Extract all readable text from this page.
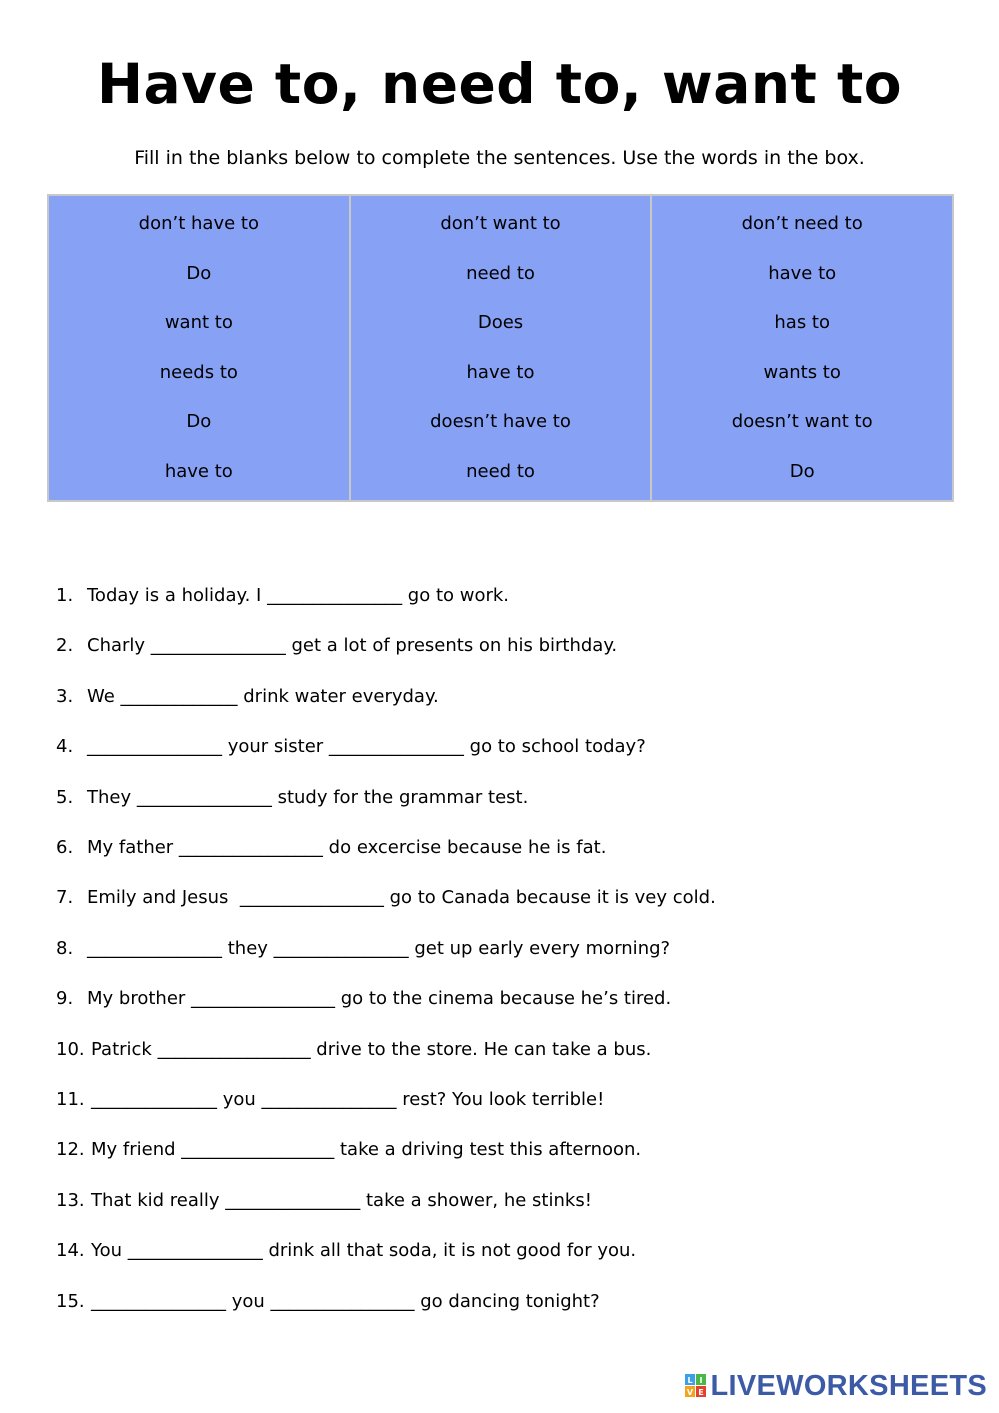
Have to, need to, want to
Fill in the blanks below to complete the sentences. Use the words in the box.
don’t have to
Do
want to
needs to
Do
have to
don’t want to
need to
Does
have to
doesn’t have to
need to
don’t need to
have to
has to
wants to
doesn’t want to
Do
1. Today is a holiday. I _______________ go to work.
2. Charly _______________ get a lot of presents on his birthday.
3. We _____________ drink water everyday.
4. _______________ your sister _______________ go to school today?
5. They _______________ study for the grammar test.
6. My father ________________ do excercise because he is fat.
7. Emily and Jesus  ________________ go to Canada because it is vey cold.
8. _______________ they _______________ get up early every morning?
9. My brother ________________ go to the cinema because he’s tired.
10. Patrick _________________ drive to the store. He can take a bus.
11. ______________ you _______________ rest? You look terrible!
12. My friend _________________ take a driving test this afternoon.
13. That kid really _______________ take a shower, he stinks!
14. You _______________ drink all that soda, it is not good for you.
15. _______________ you ________________ go dancing tonight?
L I
V E LIVEWORKSHEETS
